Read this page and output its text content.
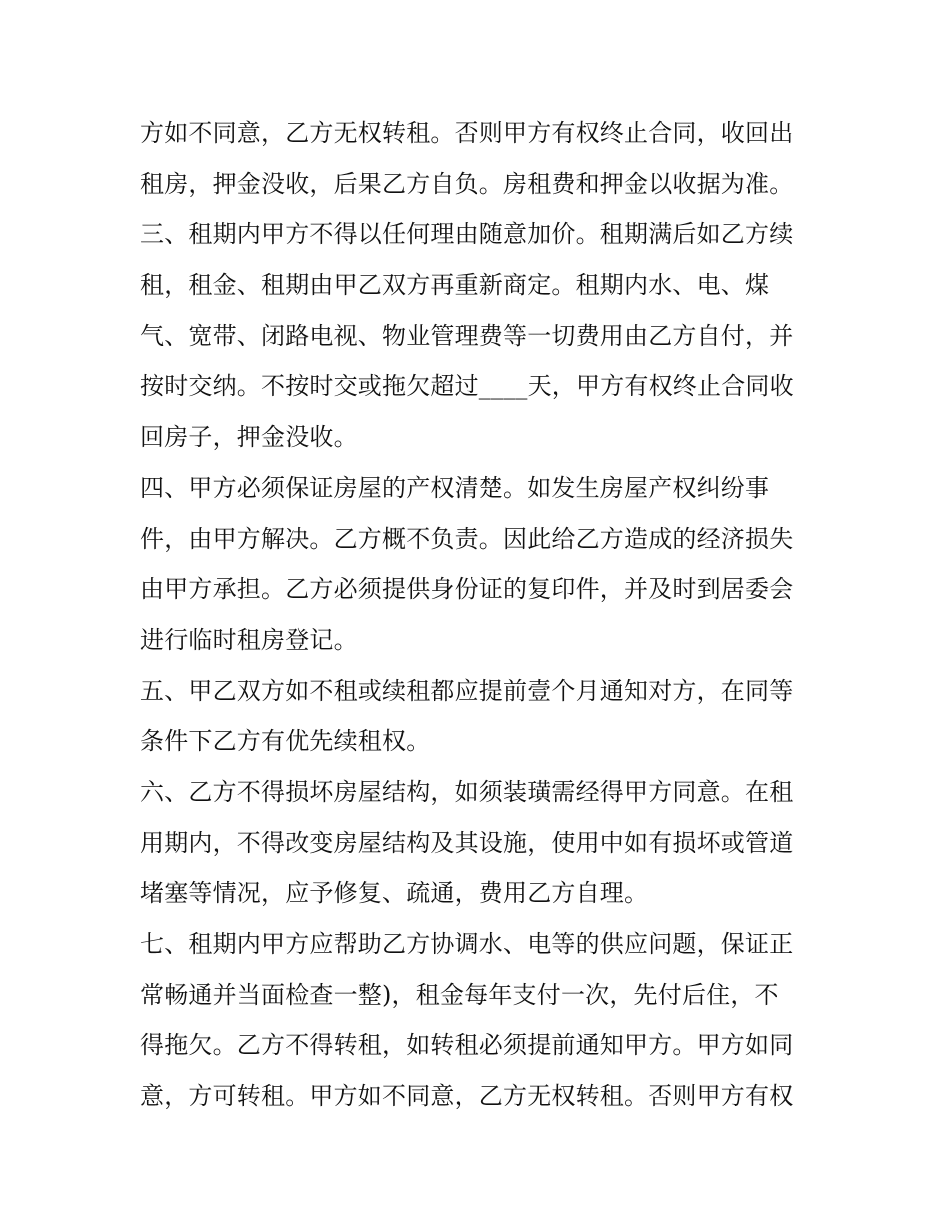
方如不同意，乙方无权转租。否则甲方有权终止合同，收回出
租房，押金没收，后果乙方自负。房租费和押金以收据为准。
三、租期内甲方不得以任何理由随意加价。租期满后如乙方续
租，租金、租期由甲乙双方再重新商定。租期内水、电、煤
气、宽带、闭路电视、物业管理费等一切费用由乙方自付，并
按时交纳。不按时交或拖欠超过____天，甲方有权终止合同收
回房子，押金没收。
四、甲方必须保证房屋的产权清楚。如发生房屋产权纠纷事
件，由甲方解决。乙方概不负责。因此给乙方造成的经济损失
由甲方承担。乙方必须提供身份证的复印件，并及时到居委会
进行临时租房登记。
五、甲乙双方如不租或续租都应提前壹个月通知对方，在同等
条件下乙方有优先续租权。
六、乙方不得损坏房屋结构，如须装璜需经得甲方同意。在租
用期内，不得改变房屋结构及其设施，使用中如有损坏或管道
堵塞等情况，应予修复、疏通，费用乙方自理。
七、租期内甲方应帮助乙方协调水、电等的供应问题，保证正
常畅通并当面检查一整)，租金每年支付一次，先付后住，不
得拖欠。乙方不得转租，如转租必须提前通知甲方。甲方如同
意，方可转租。甲方如不同意，乙方无权转租。否则甲方有权
